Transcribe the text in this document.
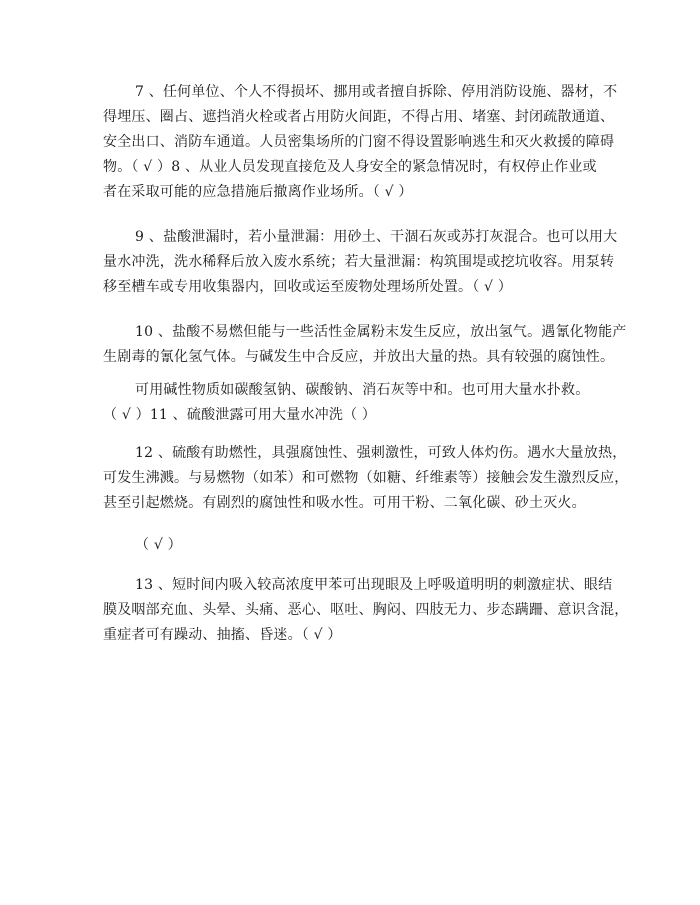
7 、任何单位、个人不得损坏、挪用或者擅自拆除、停用消防设施、器材，不
得埋压、圈占、遮挡消火栓或者占用防火间距，不得占用、堵塞、封闭疏散通道、
安全出口、消防车通道。人员密集场所的门窗不得设置影响逃生和灭火救援的障碍
物。（ √ ）8 、从业人员发现直接危及人身安全的紧急情况时，有权停止作业或
者在采取可能的应急措施后撤离作业场所。（ √ ）
9 、盐酸泄漏时，若小量泄漏：用砂土、干涸石灰或苏打灰混合。也可以用大
量水冲洗，洗水稀释后放入废水系统；若大量泄漏：构筑围堤或挖坑收容。用泵转
移至槽车或专用收集器内，回收或运至废物处理场所处置。（ √ ）
10 、盐酸不易燃但能与一些活性金属粉末发生反应，放出氢气。遇氰化物能产
生剧毒的氰化氢气体。与碱发生中合反应，并放出大量的热。具有较强的腐蚀性。
可用碱性物质如碳酸氢钠、碳酸钠、消石灰等中和。也可用大量水扑救。
（ √ ）11 、硫酸泄露可用大量水冲洗（ ）
12 、硫酸有助燃性，具强腐蚀性、强刺激性，可致人体灼伤。遇水大量放热，
可发生沸溅。与易燃物（如苯）和可燃物（如糖、纤维素等）接触会发生激烈反应，
甚至引起燃烧。有剧烈的腐蚀性和吸水性。可用干粉、二氧化碳、砂土灭火。
（ √ ）
13 、短时间内吸入较高浓度甲苯可出现眼及上呼吸道明明的刺激症状、眼结
膜及咽部充血、头晕、头痛、恶心、呕吐、胸闷、四肢无力、步态蹒跚、意识含混，
重症者可有躁动、抽搐、昏迷。（ √ ）
